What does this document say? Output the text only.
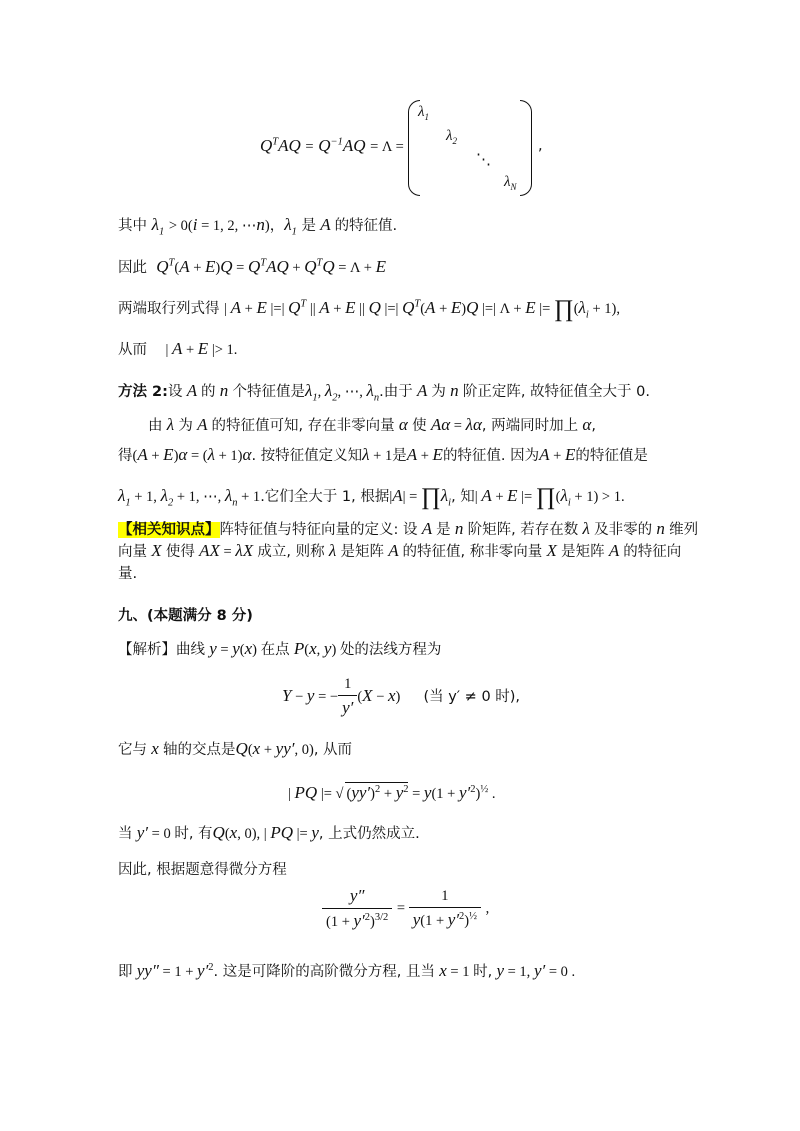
$Q^TAQ = Q^{-1}AQ = \Lambda$ =
$\lambda_1$
$\lambda_2$
⋱
$\lambda_N$
,
其中 $\lambda_1 > 0(i = 1$, 2, ⋯n)，$\lambda_1$ 是 A 的特征值.
因此 $Q^T(A + E)Q = Q^TAQ + Q^TQ = \Lambda + E$
两端取行列式得 | A + E |=| $Q^T$ || A + E || Q |=| $Q^T(A + E)Q$ |=| Λ + E |= $\prod(\lambda_i + 1)$,
从而 | A + E |> 1.
方法 2:设 A 的 n 个特征值是$\lambda_1$, $\lambda_2$, ⋯, $\lambda_n$.由于 A 为 n 阶正定阵, 故特征值全大于 0.
由 λ 为 A 的特征值可知, 存在非零向量 α 使 Aα = λα, 两端同时加上 α,
得(A + E)α = (λ + 1)α. 按特征值定义知λ + 1是A + E的特征值. 因为A + E的特征值是
$\lambda_1 + 1$, $\lambda_2 + 1$, ⋯, $\lambda_n + 1$.它们全大于 1, 根据$|A| = \prod\lambda_i$, 知| A + E |= $\prod(\lambda_i + 1) > 1$.
【相关知识点】阵特征值与特征向量的定义: 设 A 是 n 阶矩阵, 若存在数 λ 及非零的 n 维列
向量 X 使得 AX = λX 成立, 则称 λ 是矩阵 A 的特征值, 称非零向量 X 是矩阵 A 的特征向
量.
九、(本题满分 8 分)
【解析】曲线 y = y(x) 在点 P(x, y) 处的法线方程为
Y − y = − $\frac{1}{y'} (X - x)$ (当 y′ ≠ 0 时),
它与 x 轴的交点是Q(x + yy′, 0), 从而
| PQ |= √ $(yy')^2 + y^2 = y(1 + y'^2)^{\frac{1}{2}}$ .
当 y′ = 0 时, 有Q(x, 0), | PQ |= y, 上式仍然成立.
因此, 根据题意得微分方程
$\frac{y''}{(1 + y'^2)^{3/2}} = \frac{1}{y(1 + y'^2)^{\frac{1}{2}}}$ ,
即 $yy'' = 1 + y'^2$. 这是可降阶的高阶微分方程, 且当 x = 1 时, y = 1, y′ = 0 .
